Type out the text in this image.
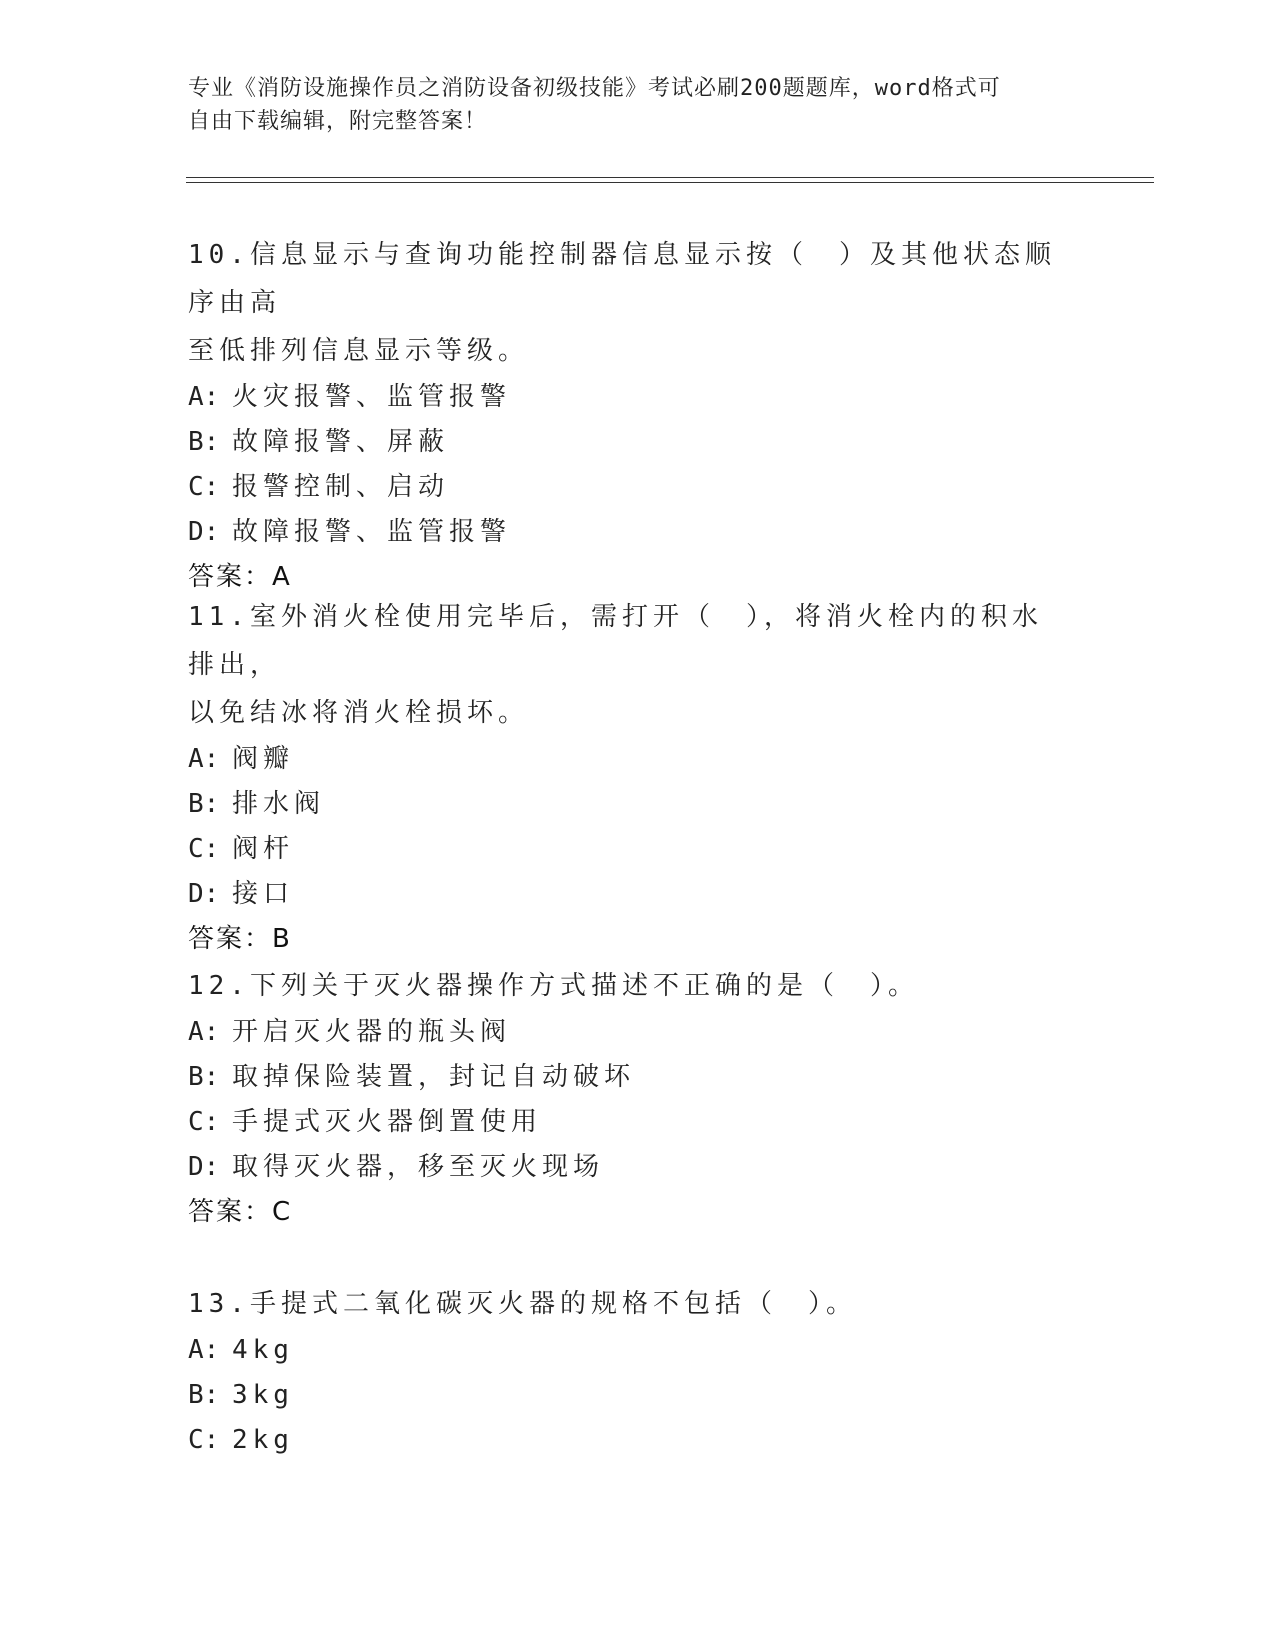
专业《消防设施操作员之消防设备初级技能》考试必刷200题题库，word格式可
自由下载编辑，附完整答案！

10.信息显示与查询功能控制器信息显示按（　）及其他状态顺序由高
至低排列信息显示等级。

A: 火灾报警、监管报警

B: 故障报警、屏蔽

C: 报警控制、启动

D: 故障报警、监管报警

答案：A

11.室外消火栓使用完毕后，需打开（　），将消火栓内的积水排出，
以免结冰将消火栓损坏。

A: 阀瓣

B: 排水阀

C: 阀杆

D: 接口

答案：B

12.下列关于灭火器操作方式描述不正确的是（　）。

A: 开启灭火器的瓶头阀

B: 取掉保险装置，封记自动破坏

C: 手提式灭火器倒置使用

D: 取得灭火器，移至灭火现场

答案：C

13.手提式二氧化碳灭火器的规格不包括（　）。

A: 4kg

B: 3kg

C: 2kg
